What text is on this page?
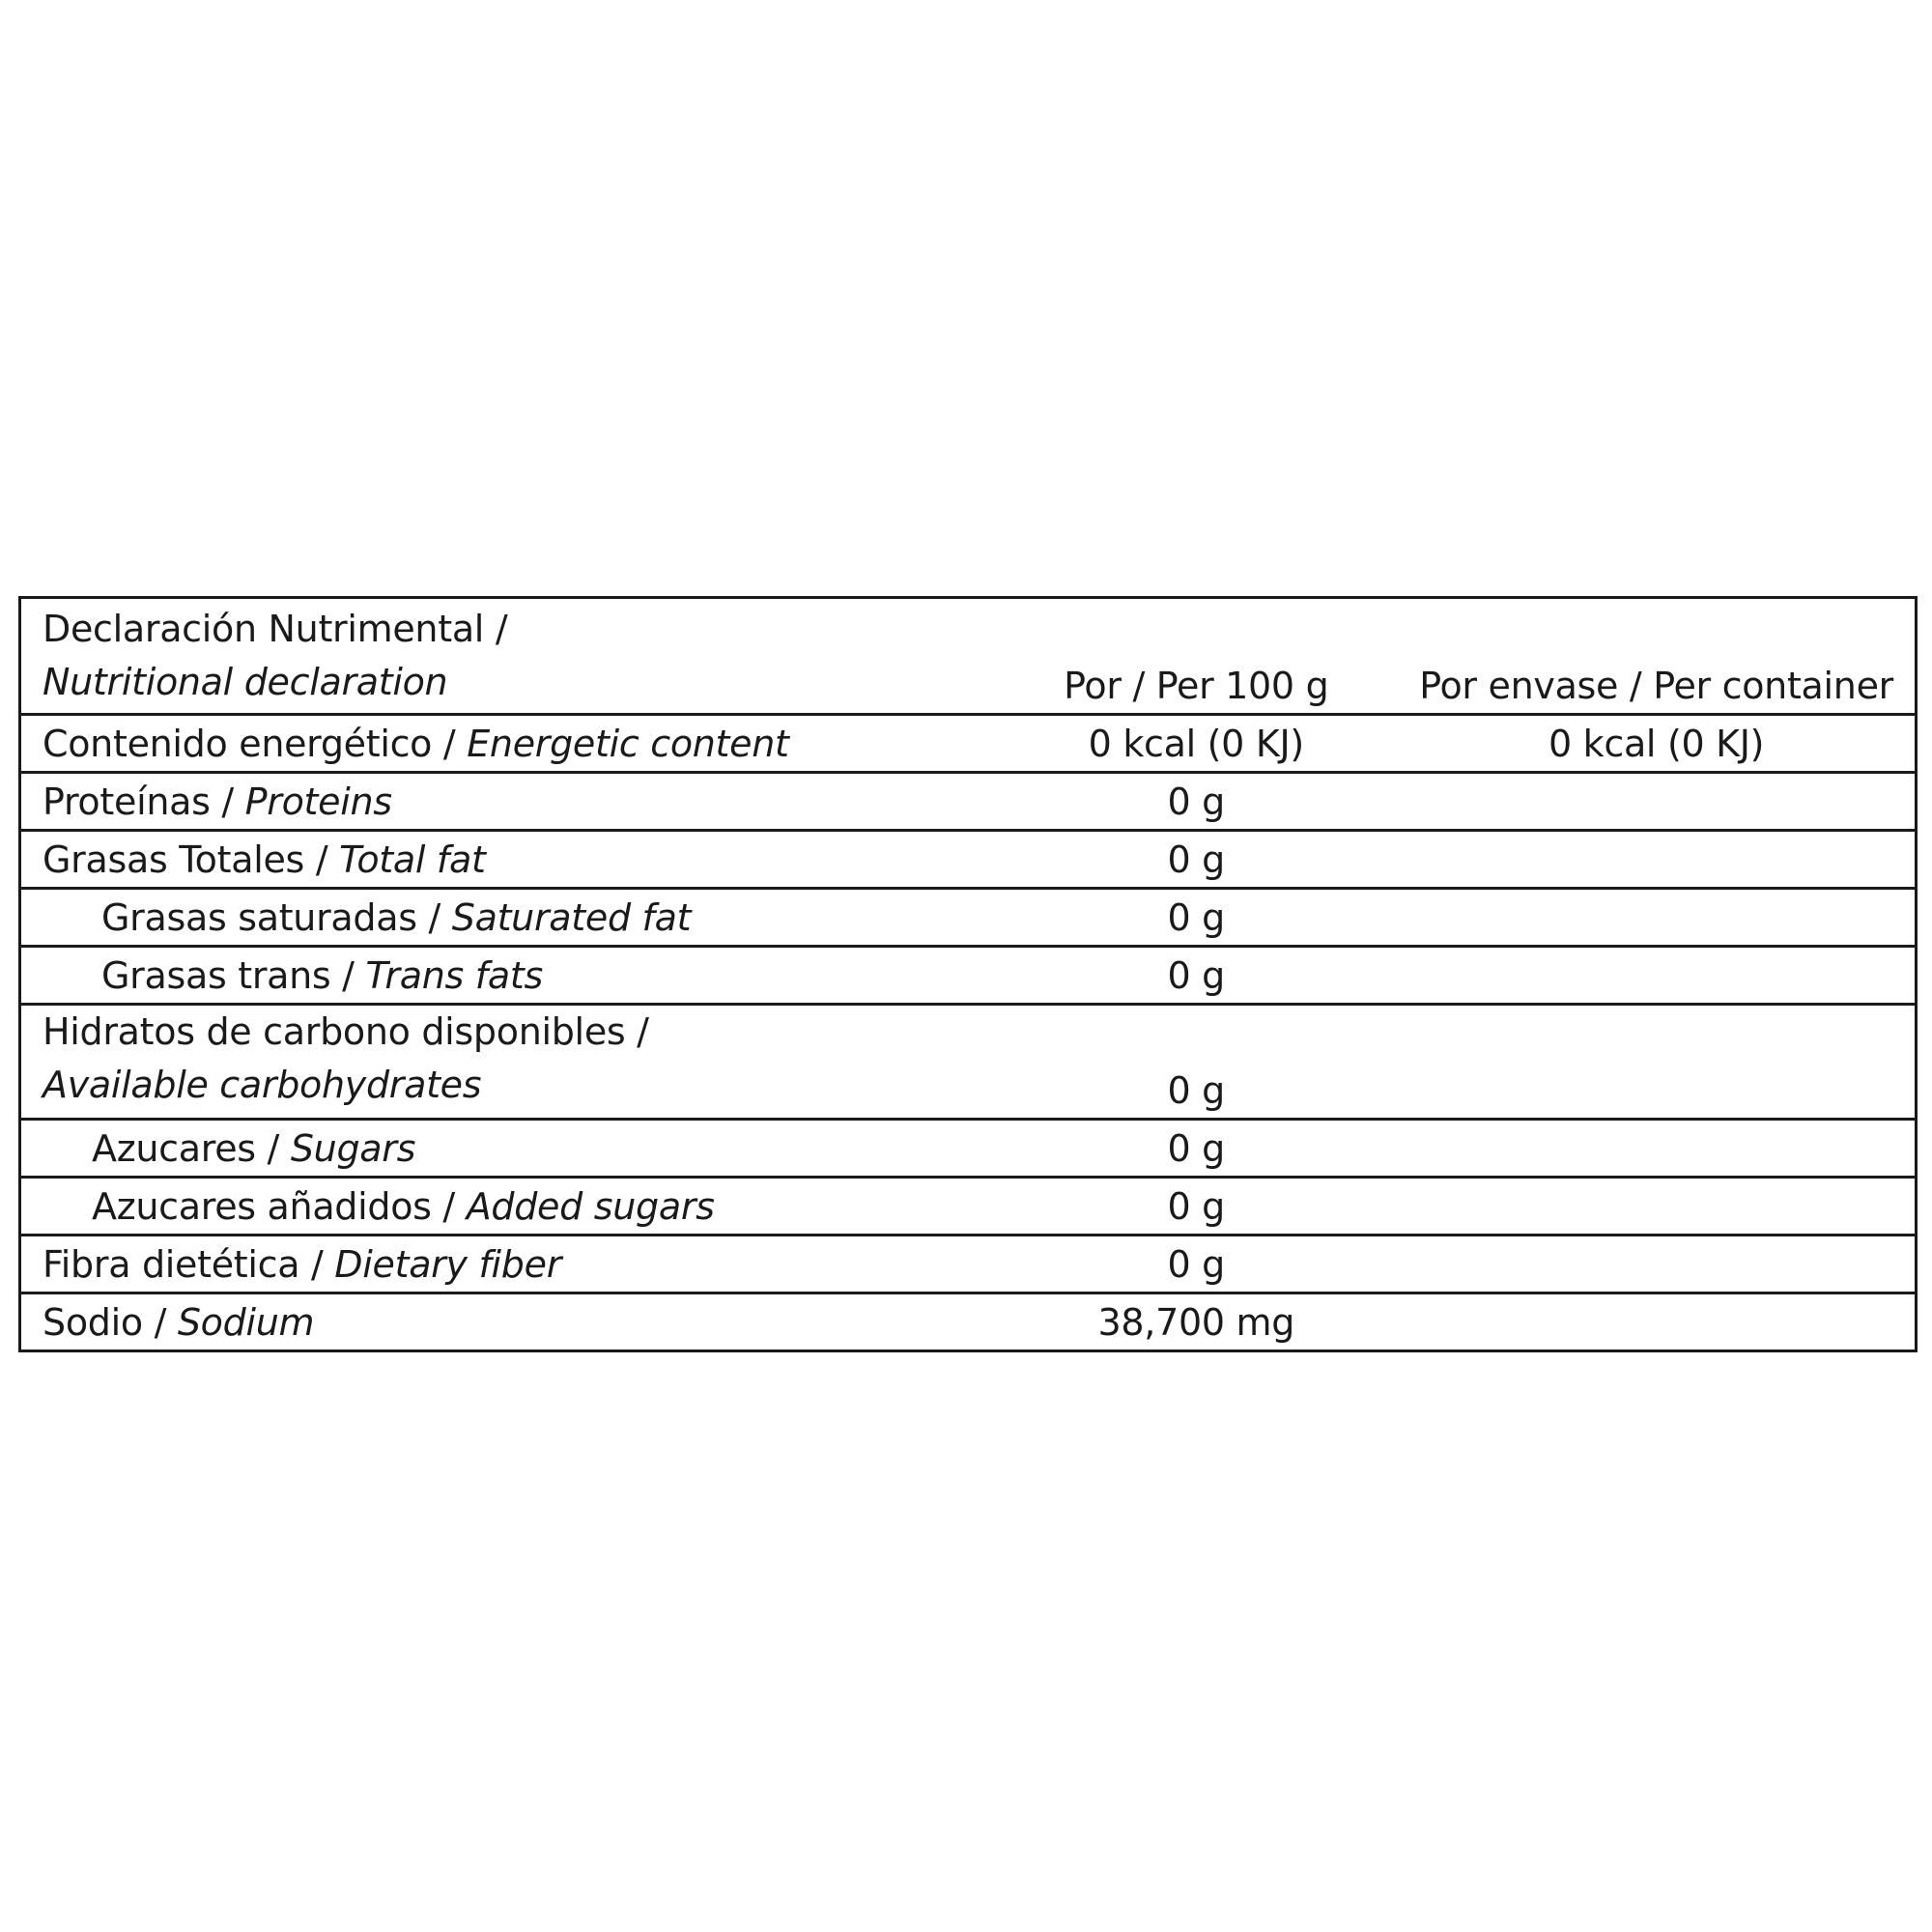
Declaración Nutrimental /
Nutritional declaration	Por / Per 100 g	Por envase / Per container
Contenido energético / Energetic content	0 kcal (0 KJ)	0 kcal (0 KJ)
Proteínas / Proteins	0 g	
Grasas Totales / Total fat	0 g	
Grasas saturadas / Saturated fat	0 g	
Grasas trans / Trans fats	0 g	

Hidratos de carbono disponibles /
Available carbohydrates	0 g	
Azucares / Sugars	0 g	
Azucares añadidos / Added sugars	0 g	
Fibra dietética / Dietary fiber	0 g	
Sodio / Sodium	38,700 mg	
